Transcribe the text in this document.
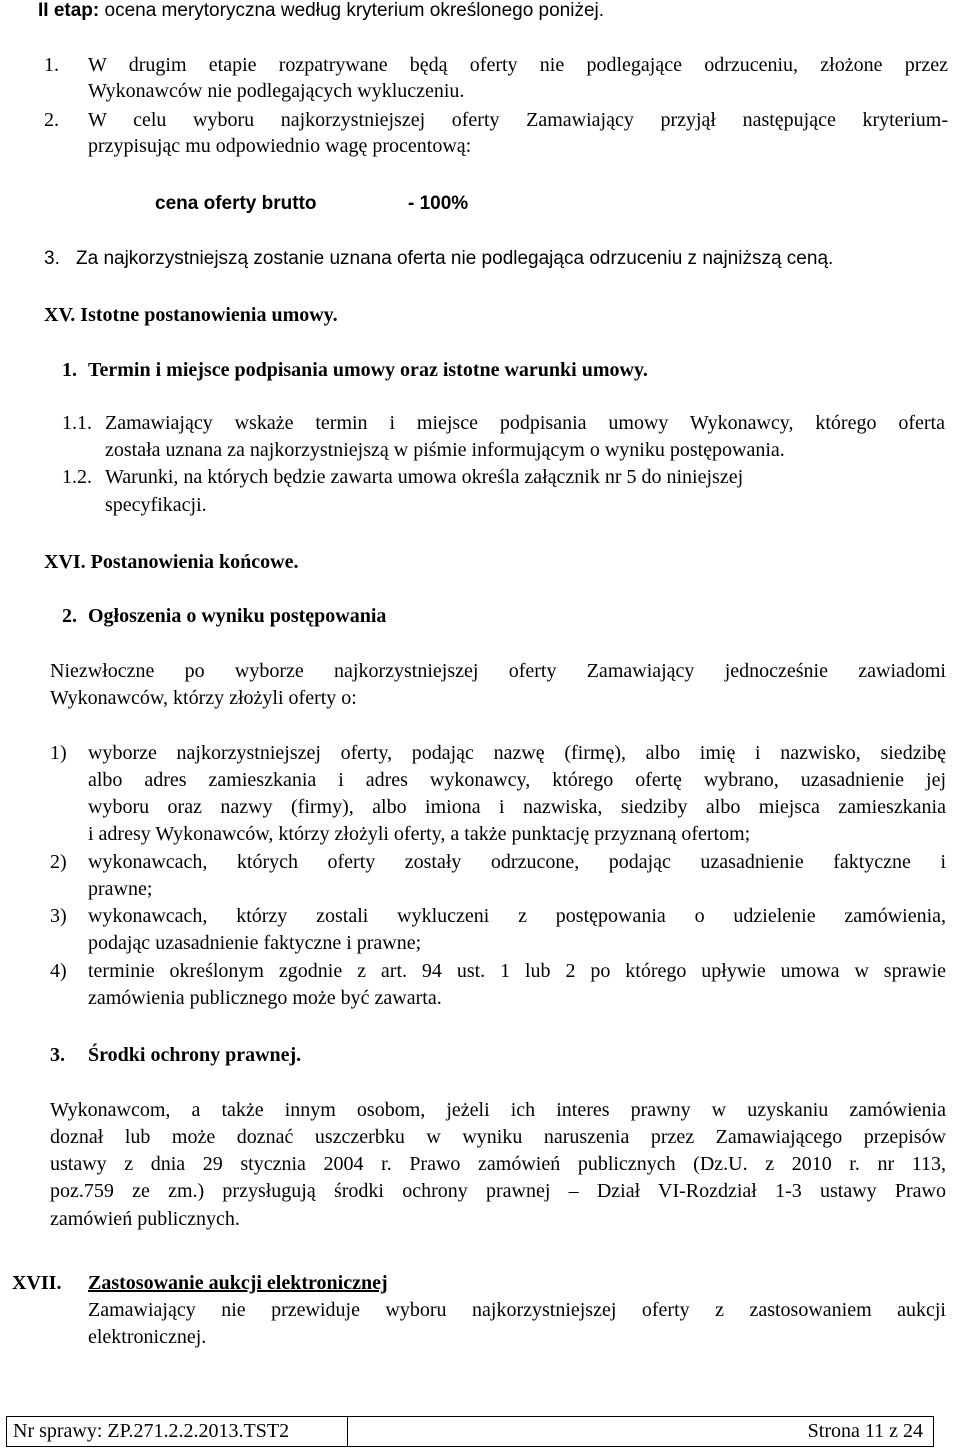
II etap: ocena merytoryczna według kryterium określonego poniżej.
1. W drugim etapie rozpatrywane będą oferty nie podlegające odrzuceniu, złożone przez
Wykonawców nie podlegających wykluczeniu.
2. W celu wyboru najkorzystniejszej oferty Zamawiający przyjął następujące kryterium-
przypisując mu odpowiednio wagę procentową:
cena oferty brutto	- 100%
3. Za najkorzystniejszą zostanie uznana oferta nie podlegająca odrzuceniu z najniższą ceną.
XV. Istotne postanowienia umowy.
1. Termin i miejsce podpisania umowy oraz istotne warunki umowy.
1.1. Zamawiający wskaże termin i miejsce podpisania umowy Wykonawcy, którego oferta
została uznana za najkorzystniejszą w piśmie informującym o wyniku postępowania.
1.2. Warunki, na których będzie zawarta umowa określa załącznik nr 5 do niniejszej
specyfikacji.
XVI. Postanowienia końcowe.
2. Ogłoszenia o wyniku postępowania
Niezwłoczne po wyborze najkorzystniejszej oferty Zamawiający jednocześnie zawiadomi
Wykonawców, którzy złożyli oferty o:
1) wyborze najkorzystniejszej oferty, podając nazwę (firmę), albo imię i nazwisko, siedzibę
albo adres zamieszkania i adres wykonawcy, którego ofertę wybrano, uzasadnienie jej
wyboru oraz nazwy (firmy), albo imiona i nazwiska, siedziby albo miejsca zamieszkania
i adresy Wykonawców, którzy złożyli oferty, a także punktację przyznaną ofertom;
2) wykonawcach, których oferty zostały odrzucone, podając uzasadnienie faktyczne i
prawne;
3) wykonawcach, którzy zostali wykluczeni z postępowania o udzielenie zamówienia,
podając uzasadnienie faktyczne i prawne;
4) terminie określonym zgodnie z art. 94 ust. 1 lub 2 po którego upływie umowa w sprawie
zamówienia publicznego może być zawarta.
3. Środki ochrony prawnej.
Wykonawcom, a także innym osobom, jeżeli ich interes prawny w uzyskaniu zamówienia
doznał lub może doznać uszczerbku w wyniku naruszenia przez Zamawiającego przepisów
ustawy z dnia 29 stycznia 2004 r. Prawo zamówień publicznych (Dz.U. z 2010 r. nr 113,
poz.759 ze zm.) przysługują środki ochrony prawnej – Dział VI-Rozdział 1-3 ustawy Prawo
zamówień publicznych.
XVII. Zastosowanie aukcji elektronicznej
Zamawiający nie przewiduje wyboru najkorzystniejszej oferty z zastosowaniem aukcji
elektronicznej.
Nr sprawy: ZP.271.2.2.2013.TST2	Strona 11 z 24
